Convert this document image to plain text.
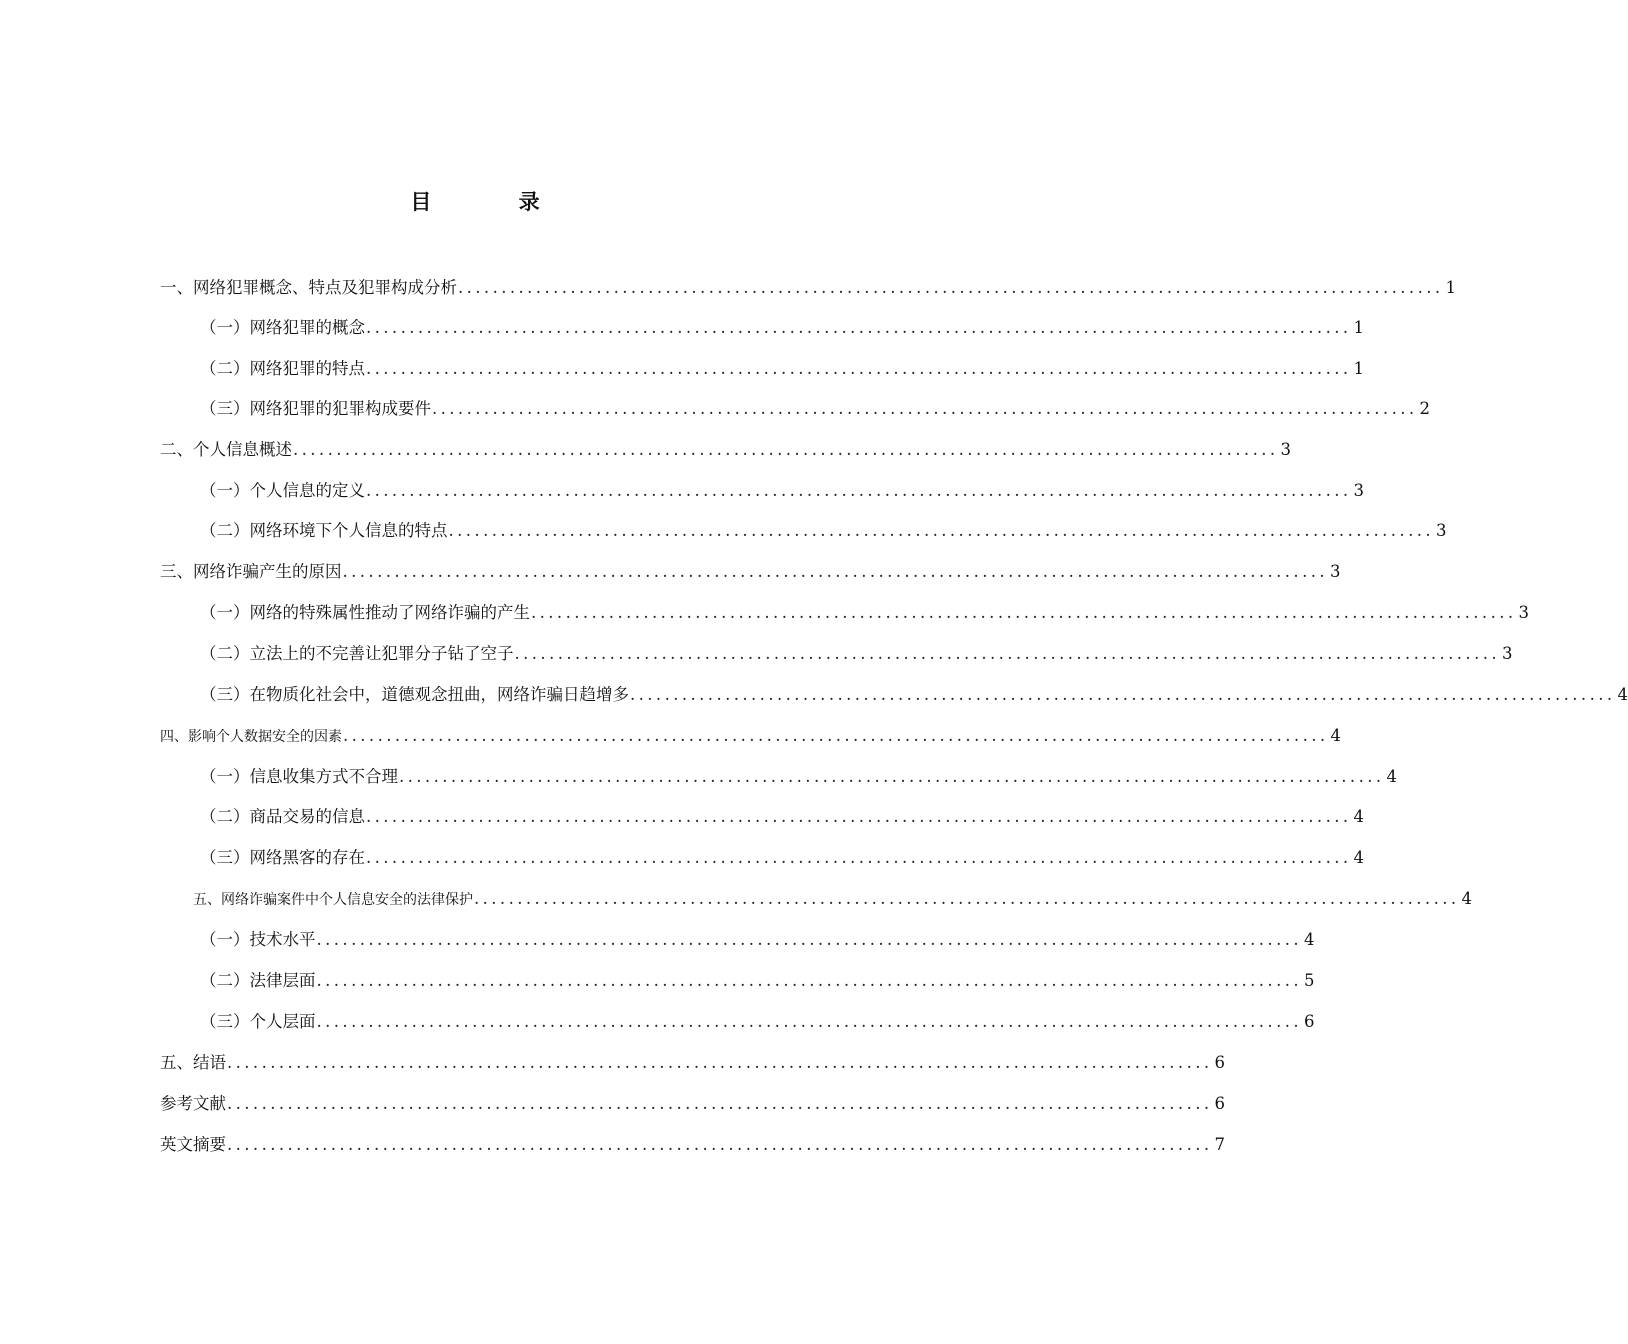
目 录
一、网络犯罪概念、特点及犯罪构成分析 .................................................................................................................. 1
（一）网络犯罪的概念 .................................................................................................................. 1
（二）网络犯罪的特点 .................................................................................................................. 1
（三）网络犯罪的犯罪构成要件 .................................................................................................................. 2
二、个人信息概述 .................................................................................................................. 3
（一）个人信息的定义 .................................................................................................................. 3
（二）网络环境下个人信息的特点 .................................................................................................................. 3
三、网络诈骗产生的原因 .................................................................................................................. 3
（一）网络的特殊属性推动了网络诈骗的产生 .................................................................................................................. 3
（二）立法上的不完善让犯罪分子钻了空子 .................................................................................................................. 3
（三）在物质化社会中，道德观念扭曲，网络诈骗日趋增多 .................................................................................................................. 4
四、影响个人数据安全的因素 .................................................................................................................. 4
（一）信息收集方式不合理 .................................................................................................................. 4
（二）商品交易的信息 .................................................................................................................. 4
（三）网络黑客的存在 .................................................................................................................. 4
五、网络诈骗案件中个人信息安全的法律保护 .................................................................................................................. 4
（一）技术水平 .................................................................................................................. 4
（二）法律层面 .................................................................................................................. 5
（三）个人层面 .................................................................................................................. 6
五、结语 .................................................................................................................. 6
参考文献 .................................................................................................................. 6
英文摘要 .................................................................................................................. 7
